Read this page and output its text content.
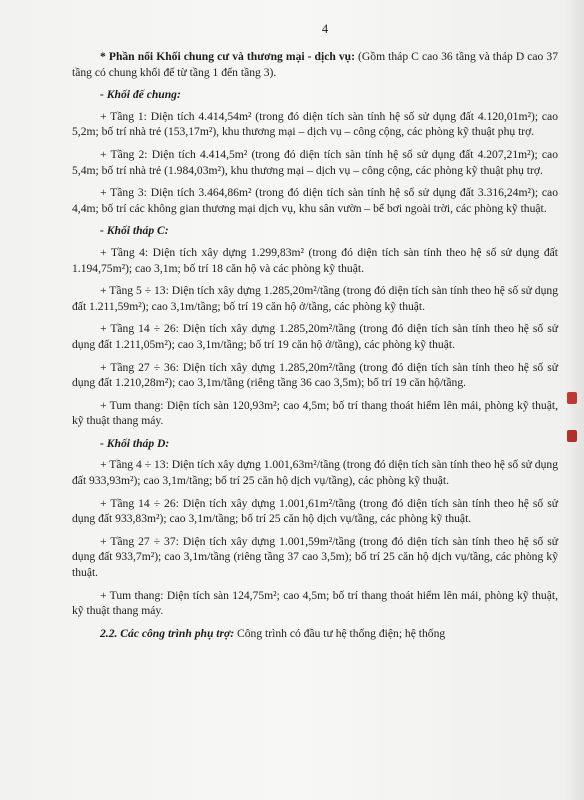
4

* Phần nổi Khối chung cư và thương mại - dịch vụ: (Gồm tháp C cao 36 tầng và tháp D cao 37 tầng có chung khối đế từ tầng 1 đến tầng 3).

- Khối đế chung:

+ Tầng 1: Diện tích 4.414,54m² (trong đó diện tích sàn tính hệ số sử dụng đất 4.120,01m²); cao 5,2m; bố trí nhà trẻ (153,17m²), khu thương mại – dịch vụ – công cộng, các phòng kỹ thuật phụ trợ.

+ Tầng 2: Diện tích 4.414,5m² (trong đó diện tích sàn tính hệ số sử dụng đất 4.207,21m²); cao 5,4m; bố trí nhà trẻ (1.984,03m²), khu thương mại – dịch vụ – công cộng, các phòng kỹ thuật phụ trợ.

+ Tầng 3: Diện tích 3.464,86m² (trong đó diện tích sàn tính hệ số sử dụng đất 3.316,24m²); cao 4,4m; bố trí các không gian thương mại dịch vụ, khu sân vườn – bể bơi ngoài trời, các phòng kỹ thuật.

- Khối tháp C:

+ Tầng 4: Diện tích xây dựng 1.299,83m² (trong đó diện tích sàn tính theo hệ số sử dụng đất 1.194,75m²); cao 3,1m; bố trí 18 căn hộ và các phòng kỹ thuật.

+ Tầng 5 ÷ 13: Diện tích xây dựng 1.285,20m²/tầng (trong đó diện tích sàn tính theo hệ số sử dụng đất 1.211,59m²); cao 3,1m/tầng; bố trí 19 căn hộ ở/tầng, các phòng kỹ thuật.

+ Tầng 14 ÷ 26: Diện tích xây dựng 1.285,20m²/tầng (trong đó diện tích sàn tính theo hệ số sử dụng đất 1.211,05m²); cao 3,1m/tầng; bố trí 19 căn hộ ở/tầng), các phòng kỹ thuật.

+ Tầng 27 ÷ 36: Diện tích xây dựng 1.285,20m²/tầng (trong đó diện tích sàn tính theo hệ số sử dụng đất 1.210,28m²); cao 3,1m/tầng (riêng tầng 36 cao 3,5m); bố trí 19 căn hộ/tầng.

+ Tum thang: Diện tích sàn 120,93m²; cao 4,5m; bố trí thang thoát hiểm lên mái, phòng kỹ thuật, kỹ thuật thang máy.

- Khối tháp D:

+ Tầng 4 ÷ 13: Diện tích xây dựng 1.001,63m²/tầng (trong đó diện tích sàn tính theo hệ số sử dụng đất 933,93m²); cao 3,1m/tầng; bố trí 25 căn hộ dịch vụ/tầng), các phòng kỹ thuật.

+ Tầng 14 ÷ 26: Diện tích xây dựng 1.001,61m²/tầng (trong đó diện tích sàn tính theo hệ số sử dụng đất 933,83m²); cao 3,1m/tầng; bố trí 25 căn hộ dịch vụ/tầng, các phòng kỹ thuật.

+ Tầng 27 ÷ 37: Diện tích xây dựng 1.001,59m²/tầng (trong đó diện tích sàn tính theo hệ số sử dụng đất 933,7m²); cao 3,1m/tầng (riêng tầng 37 cao 3,5m); bố trí 25 căn hộ dịch vụ/tầng, các phòng kỹ thuật.

+ Tum thang: Diện tích sàn 124,75m²; cao 4,5m; bố trí thang thoát hiểm lên mái, phòng kỹ thuật, kỹ thuật thang máy.

2.2. Các công trình phụ trợ: Công trình có đầu tư hệ thống điện; hệ thống
